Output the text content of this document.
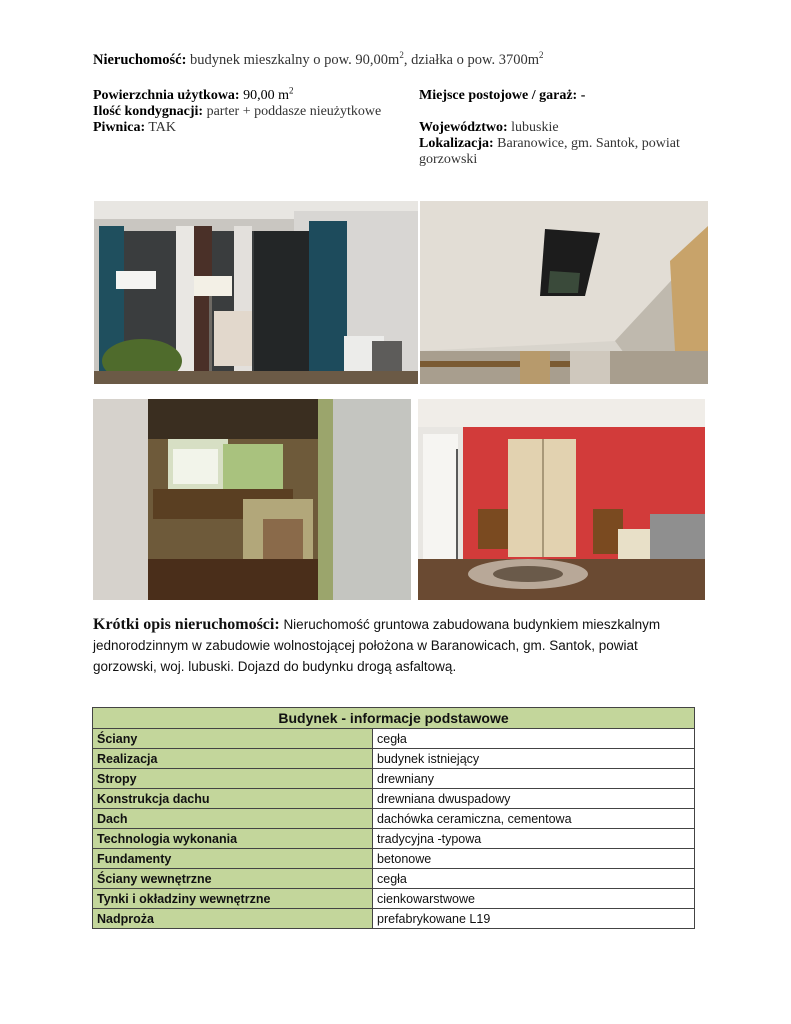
Nieruchomość: budynek mieszkalny o pow. $90,00m^2$, działka o pow. $3700m^2$
Powierzchnia użytkowa: 90,00 $m^2$
Ilość kondygnacji: parter + poddasze nieużytkowe
Piwnica: TAK
Miejsce postojowe / garaż: -
Województwo: lubuskie
Lokalizacja: Baranowice, gm. Santok, powiat gorzowski
Krótki opis nieruchomości: Nieruchomość gruntowa zabudowana budynkiem mieszkalnym jednorodzinnym w zabudowie wolnostojącej położona w Baranowicach, gm. Santok, powiat gorzowski, woj. lubuski. Dojazd do budynku drogą asfaltową.
Budynek - informacje podstawowe	
Ściany	cegła
Realizacja	budynek istniejący
Stropy	drewniany
Konstrukcja dachu	drewniana dwuspadowy
Dach	dachówka ceramiczna, cementowa
Technologia wykonania	tradycyjna -typowa
Fundamenty	betonowe
Ściany wewnętrzne	cegła
Tynki i okładziny wewnętrzne	cienkowarstwowe
Nadproża	prefabrykowane L19
